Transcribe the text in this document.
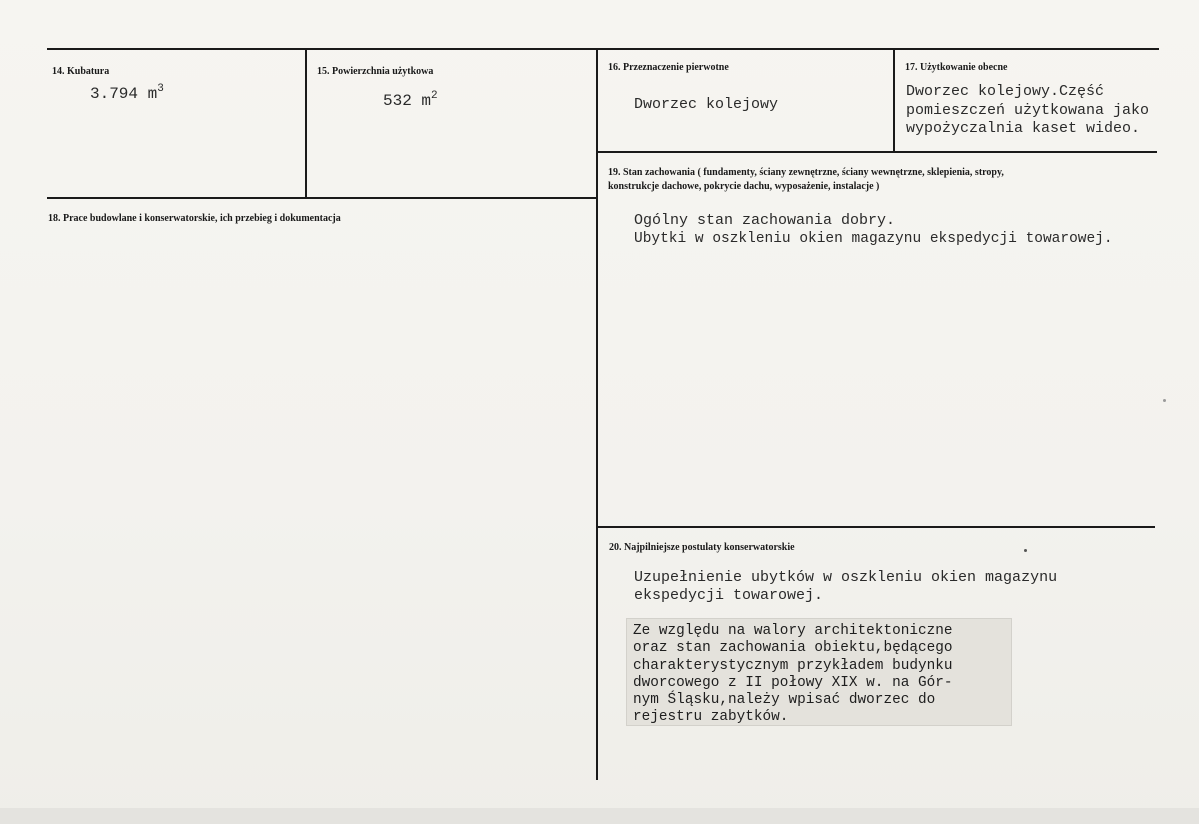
14. Kubatura
3.794 $m^3$
15. Powierzchnia użytkowa
532 $m^2$
16. Przeznaczenie pierwotne
Dworzec kolejowy
17. Użytkowanie obecne
Dworzec kolejowy.Część
pomieszczeń użytkowana jako
wypożyczalnia kaset wideo.
18. Prace budowlane i konserwatorskie, ich przebieg i dokumentacja
19. Stan zachowania ( fundamenty, ściany zewnętrzne, ściany wewnętrzne, sklepienia, stropy,
konstrukcje dachowe, pokrycie dachu, wyposażenie, instalacje )
Ogólny stan zachowania dobry.
Ubytki w oszkleniu okien magazynu ekspedycji towarowej.
20. Najpilniejsze postulaty konserwatorskie
Uzupełnienie ubytków w oszkleniu okien magazynu
ekspedycji towarowej.
Ze względu na walory architektoniczne
oraz stan zachowania obiektu,będącego
charakterystycznym przykładem budynku
dworcowego z II połowy XIX w. na Gór-
nym Śląsku,należy wpisać dworzec do
rejestru zabytków.
